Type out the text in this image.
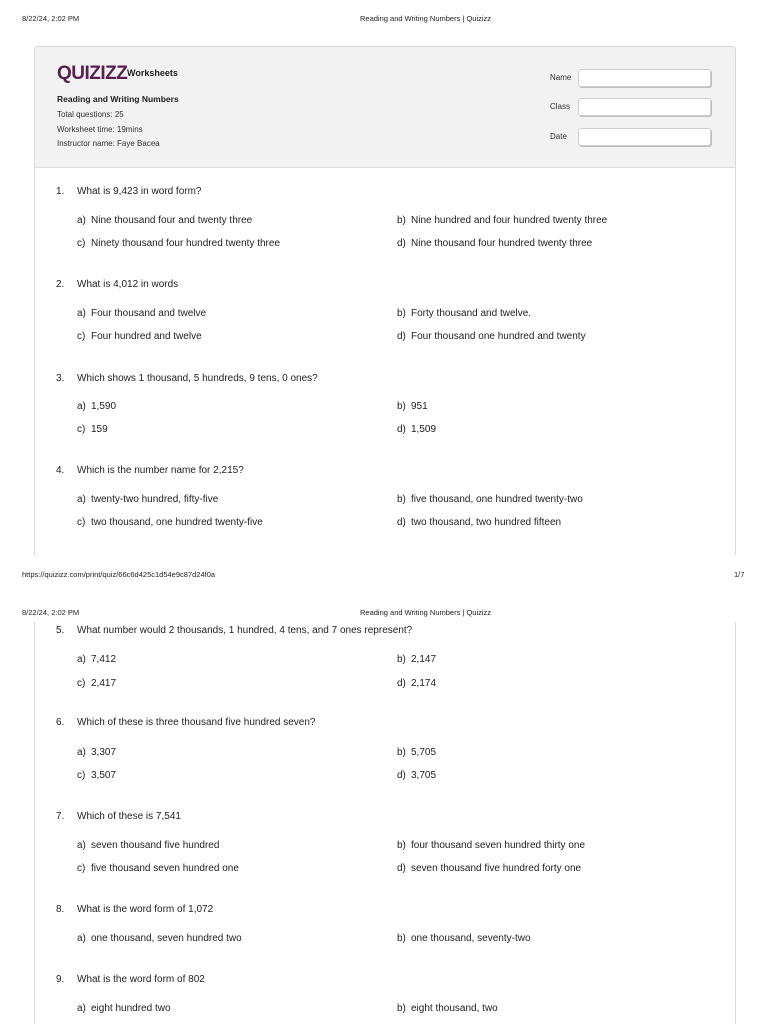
8/22/24, 2:02 PM	Reading and Writing Numbers | Quizizz
QUIZIZZ Worksheets
Reading and Writing Numbers
Total questions: 25
Worksheet time: 19mins
Instructor name: Faye Bacea
Name
Class
Date
1. What is 9,423 in word form?
a) Nine thousand four and twenty three	b) Nine hundred and four hundred twenty three
c) Ninety thousand four hundred twenty three	d) Nine thousand four hundred twenty three
2. What is 4,012 in words
a) Four thousand and twelve	b) Forty thousand and twelve.
c) Four hundred and twelve	d) Four thousand one hundred and twenty
3. Which shows 1 thousand, 5 hundreds, 9 tens, 0 ones?
a) 1,590	b) 951
c) 159	d) 1,509
4. Which is the number name for 2,215?
a) twenty-two hundred, fifty-five	b) five thousand, one hundred twenty-two
c) two thousand, one hundred twenty-five	d) two thousand, two hundred fifteen
https://quizizz.com/print/quiz/66c6d425c1d54e9c87d24f0a	1/7
8/22/24, 2:02 PM	Reading and Writing Numbers | Quizizz
5. What number would 2 thousands, 1 hundred, 4 tens, and 7 ones represent?
a) 7,412	b) 2,147
c) 2,417	d) 2,174
6. Which of these is three thousand five hundred seven?
a) 3,307	b) 5,705
c) 3,507	d) 3,705
7. Which of these is 7,541
a) seven thousand five hundred	b) four thousand seven hundred thirty one
c) five thousand seven hundred one	d) seven thousand five hundred forty one
8. What is the word form of 1,072
a) one thousand, seven hundred two	b) one thousand, seventy-two
9. What is the word form of 802
a) eight hundred two	b) eight thousand, two
